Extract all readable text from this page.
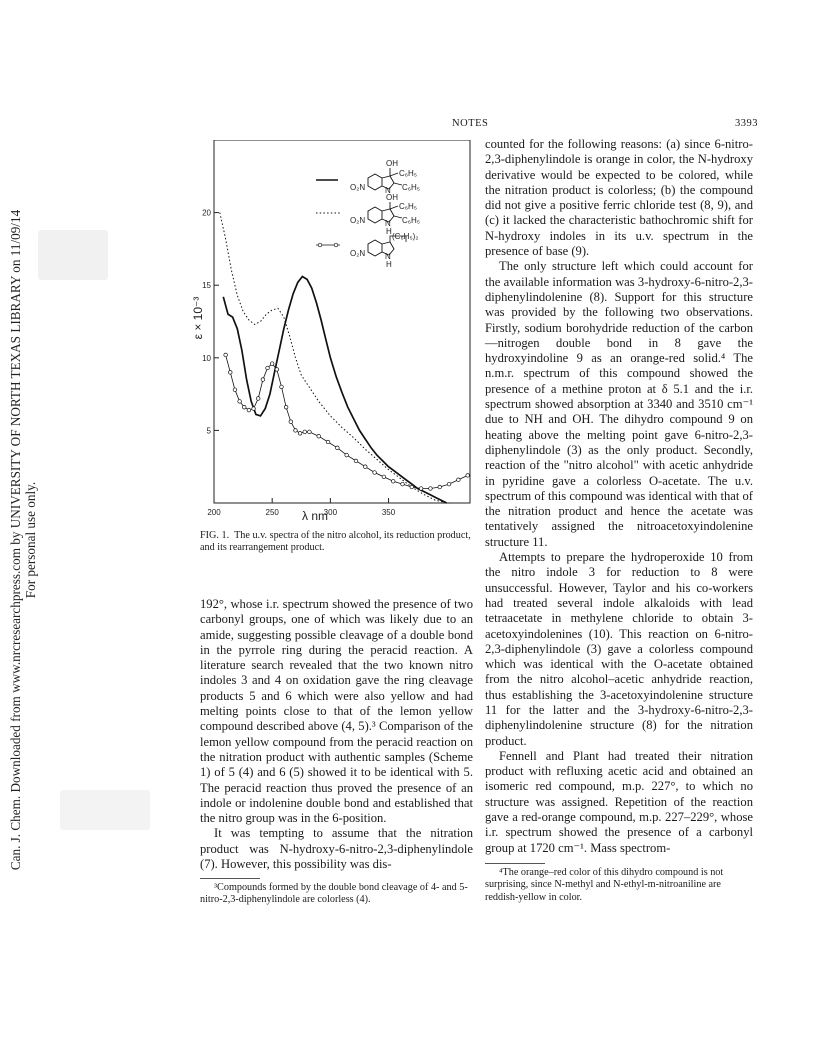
Can. J. Chem. Downloaded from www.nrcresearchpress.com by UNIVERSITY OF NORTH TEXAS LIBRARY on 11/09/14 For personal use only.
NOTES	3393
200	250	300	350
5
10
15
20
OH
C₆H₅
O₂N N C₆H₅
OH
C₆H₅
O₂N N C₆H₅
H
(C₆H₅)₂
O₂N N
H
ε × 10⁻³
λ nm
FIG. 1. The u.v. spectra of the nitro alcohol, its reduction product, and its rearrangement product.

192°, whose i.r. spectrum showed the presence of two carbonyl groups, one of which was likely due to an amide, suggesting possible cleavage of a double bond in the pyrrole ring during the peracid reaction. A literature search revealed that the two known nitro indoles 3 and 4 on oxidation gave the ring cleavage products 5 and 6 which were also yellow and had melting points close to that of the lemon yellow compound described above (4, 5).³ Comparison of the lemon yellow compound from the peracid reaction on the nitration product with authentic samples (Scheme 1) of 5 (4) and 6 (5) showed it to be identical with 5. The peracid reaction thus proved the presence of an indole or indolenine double bond and established that the nitro group was in the 6-position.

It was tempting to assume that the nitration product was N-hydroxy-6-nitro-2,3-diphenylindole (7). However, this possibility was dis-

counted for the following reasons: (a) since 6-nitro-2,3-diphenylindole is orange in color, the N-hydroxy derivative would be expected to be colored, while the nitration product is colorless; (b) the compound did not give a positive ferric chloride test (8, 9), and (c) it lacked the characteristic bathochromic shift for N-hydroxy indoles in its u.v. spectrum in the presence of base (9).

The only structure left which could account for the available information was 3-hydroxy-6-nitro-2,3-diphenylindolenine (8). Support for this structure was provided by the following two observations. Firstly, sodium borohydride reduction of the carbon—nitrogen double bond in 8 gave the hydroxyindoline 9 as an orange-red solid.⁴ The n.m.r. spectrum of this compound showed the presence of a methine proton at δ 5.1 and the i.r. spectrum showed absorption at 3340 and 3510 cm⁻¹ due to NH and OH. The dihydro compound 9 on heating above the melting point gave 6-nitro-2,3-diphenylindole (3) as the only product. Secondly, reaction of the "nitro alcohol" with acetic anhydride in pyridine gave a colorless O-acetate. The u.v. spectrum of this compound was identical with that of the nitration product and hence the acetate was tentatively assigned the nitroacetoxyindolenine structure 11.

Attempts to prepare the hydroperoxide 10 from the nitro indole 3 for reduction to 8 were unsuccessful. However, Taylor and his co-workers had treated several indole alkaloids with lead tetraacetate in methylene chloride to obtain 3-acetoxyindolenines (10). This reaction on 6-nitro-2,3-diphenylindole (3) gave a colorless compound which was identical with the O-acetate obtained from the nitro alcohol–acetic anhydride reaction, thus establishing the 3-acetoxyindolenine structure 11 for the latter and the 3-hydroxy-6-nitro-2,3-diphenylindolenine structure (8) for the nitration product.

Fennell and Plant had treated their nitration product with refluxing acetic acid and obtained an isomeric red compound, m.p. 227°, to which no structure was assigned. Repetition of the reaction gave a red-orange compound, m.p. 227–229°, whose i.r. spectrum showed the presence of a carbonyl group at 1720 cm⁻¹. Mass spectrom-

³Compounds formed by the double bond cleavage of 4- and 5-nitro-2,3-diphenylindole are colorless (4).
⁴The orange–red color of this dihydro compound is not surprising, since N-methyl and N-ethyl-m-nitroaniline are reddish-yellow in color.
